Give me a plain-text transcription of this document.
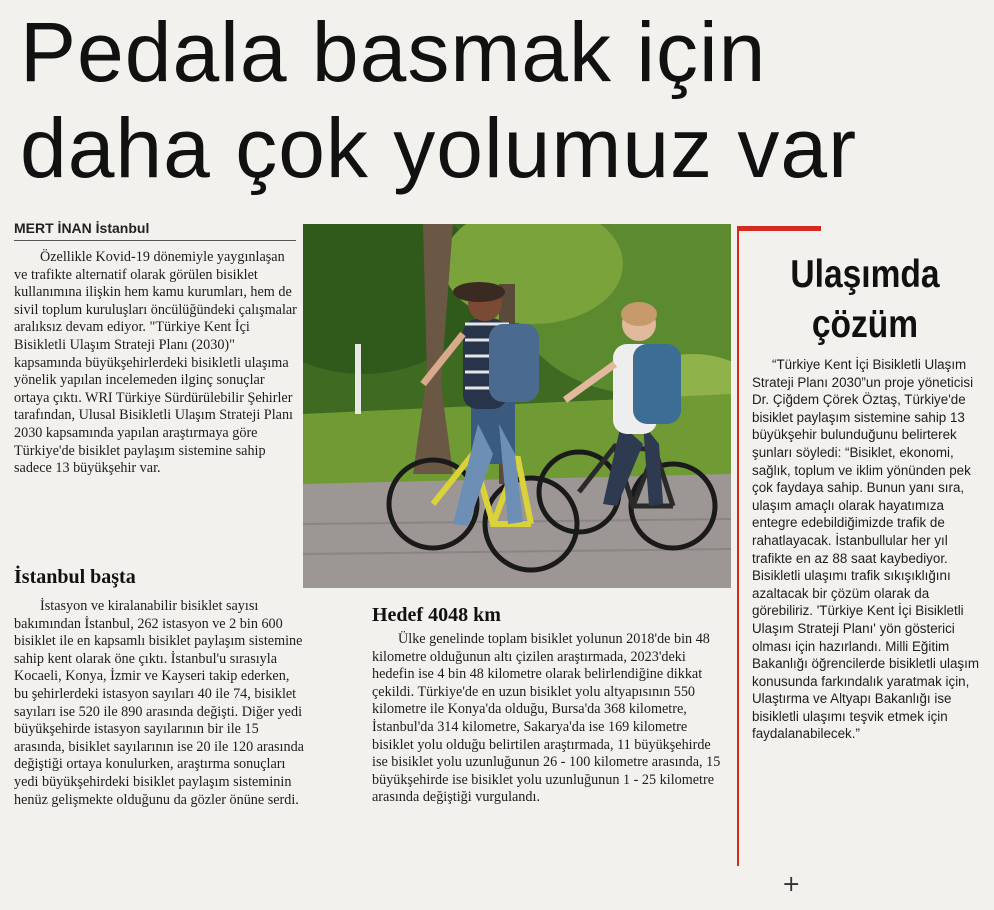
Pedala basmak için
daha çok yolumuz var
MERT İNAN İstanbul

Özellikle Kovid-19 dönemiyle yaygınlaşan ve trafikte alternatif olarak görülen bisiklet kullanımına ilişkin hem kamu kurumları, hem de sivil toplum kuruluşları öncülüğündeki çalışmalar aralıksız devam ediyor. "Türkiye Kent İçi Bisikletli Ulaşım Strateji Planı (2030)" kapsamında büyükşehirlerdeki bisikletli ulaşıma yönelik yapılan incelemeden ilginç sonuçlar ortaya çıktı. WRI Türkiye Sürdürülebilir Şehirler tarafından, Ulusal Bisikletli Ulaşım Strateji Planı 2030 kapsamında yapılan araştırmaya göre Türkiye'de bisiklet paylaşım sistemine sahip sadece 13 büyükşehir var.

İstanbul başta

İstasyon ve kiralanabilir bisiklet sayısı bakımından İstanbul, 262 istasyon ve 2 bin 600 bisiklet ile en kapsamlı bisiklet paylaşım sistemine sahip kent olarak öne çıktı. İstanbul'u sırasıyla Kocaeli, Konya, İzmir ve Kayseri takip ederken, bu şehirlerdeki istasyon sayıları 40 ile 74, bisiklet sayıları ise 520 ile 890 arasında değişti. Diğer yedi büyükşehirde istasyon sayılarının bir ile 15 arasında, bisiklet sayılarının ise 20 ile 120 arasında değiştiği ortaya konulurken, araştırma sonuçları yedi büyükşehirdeki bisiklet paylaşım sisteminin henüz gelişmekte olduğunu da gözler önüne serdi.

Hedef 4048 km

Ülke genelinde toplam bisiklet yolunun 2018'de bin 48 kilometre olduğunun altı çizilen araştırmada, 2023'deki hedefin ise 4 bin 48 kilometre olarak belirlendiğine dikkat çekildi. Türkiye'de en uzun bisiklet yolu altyapısının 550 kilometre ile Konya'da olduğu, Bursa'da 368 kilometre, İstanbul'da 314 kilometre, Sakarya'da ise 169 kilometre bisiklet yolu olduğu belirtilen araştırmada, 11 büyükşehirde ise bisiklet yolu uzunluğunun 26 - 100 kilometre arasında, 15 büyükşehirde ise bisiklet yolu uzunluğunun 1 - 25 kilometre arasında değiştiği vurgulandı.

Ulaşımda
çözüm

“Türkiye Kent İçi Bisikletli Ulaşım Strateji Planı 2030”un proje yöneticisi Dr. Çiğdem Çörek Öztaş, Türkiye'de bisiklet paylaşım sistemine sahip 13 büyükşehir bulunduğunu belirterek şunları söyledi: “Bisiklet, ekonomi, sağlık, toplum ve iklim yönünden pek çok faydaya sahip. Bunun yanı sıra, ulaşım amaçlı olarak hayatımıza entegre edebildiğimizde trafik de rahatlayacak. İstanbullular her yıl trafikte en az 88 saat kaybediyor. Bisikletli ulaşımı trafik sıkışıklığını azaltacak bir çözüm olarak da görebiliriz. 'Türkiye Kent İçi Bisikletli Ulaşım Strateji Planı' yön gösterici olması için hazırlandı. Milli Eğitim Bakanlığı öğrencilerde bisikletli ulaşım konusunda farkındalık yaratmak için, Ulaştırma ve Altyapı Bakanlığı ise bisikletli ulaşımı teşvik etmek için faydalanabilecek.”

+
